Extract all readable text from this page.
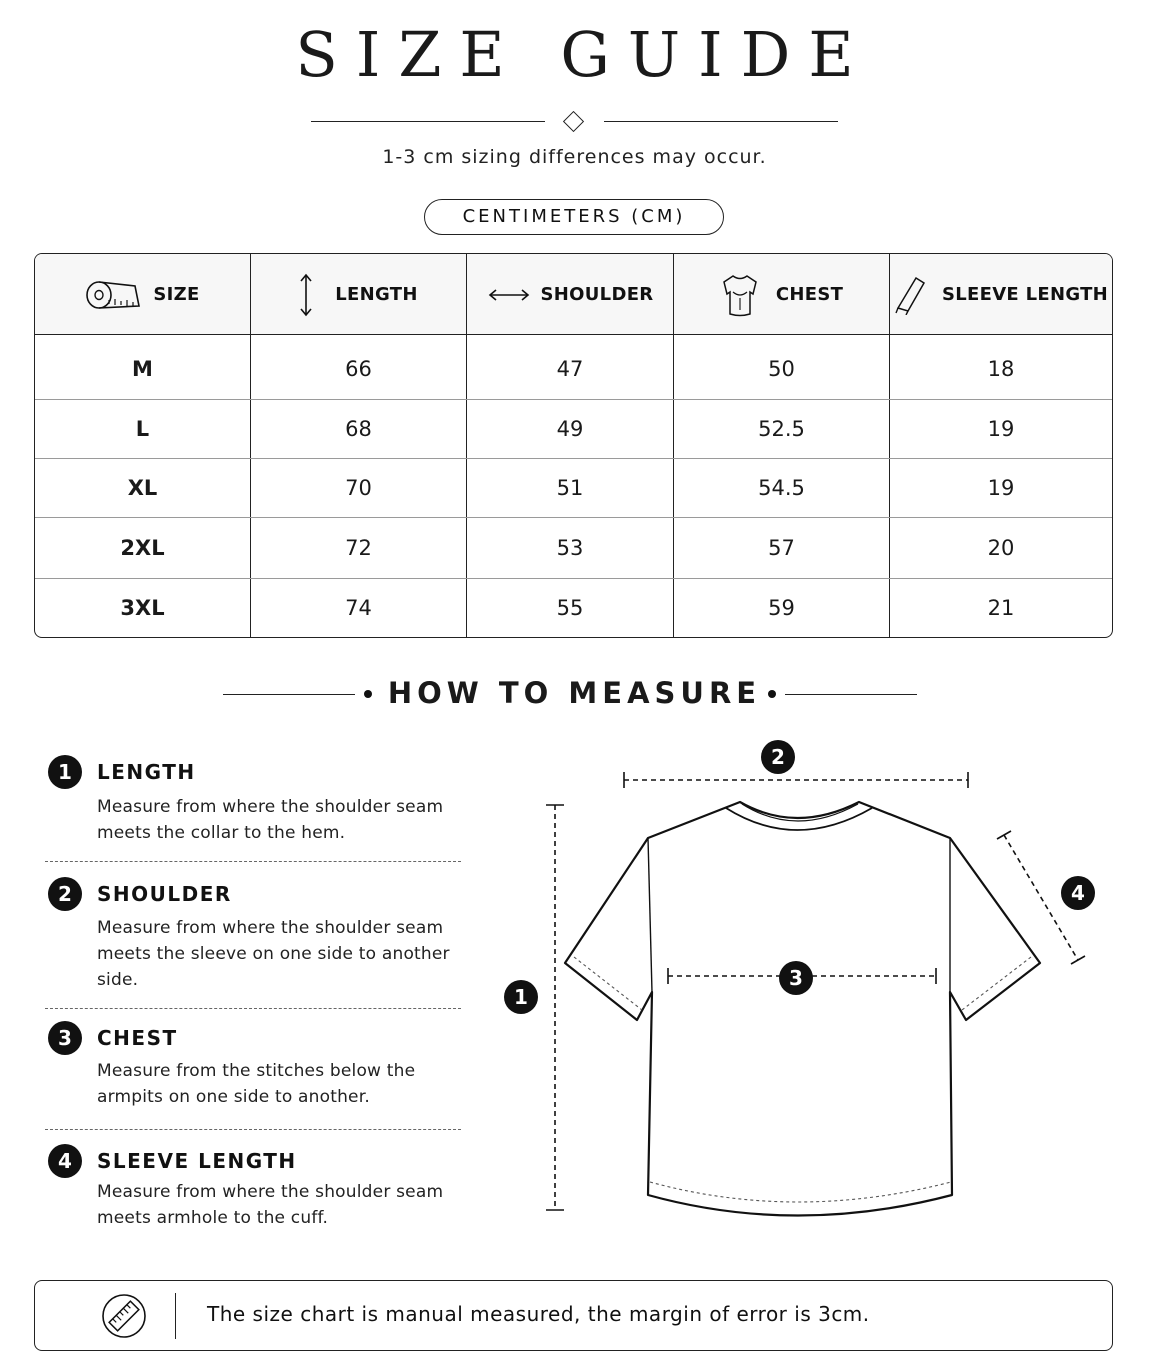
SIZE GUIDE
1-3 cm sizing differences may occur.
CENTIMETERS (CM)
SIZE	LENGTH	SHOULDER	CHEST	SLEEVE LENGTH
M	66	47	50	18
L	68	49	52.5	19
XL	70	51	54.5	19
2XL	72	53	57	20
3XL	74	55	59	21
HOW TO MEASURE
1	LENGTH
Measure from where the shoulder seam meets the collar to the hem.
2	SHOULDER
Measure from where the shoulder seam meets the sleeve on one side to another side.
3	CHEST
Measure from the stitches below the armpits on one side to another.
4	SLEEVE LENGTH
Measure from where the shoulder seam meets armhole to the cuff.
1
2
3
4
The size chart is manual measured, the margin of error is 3cm.
